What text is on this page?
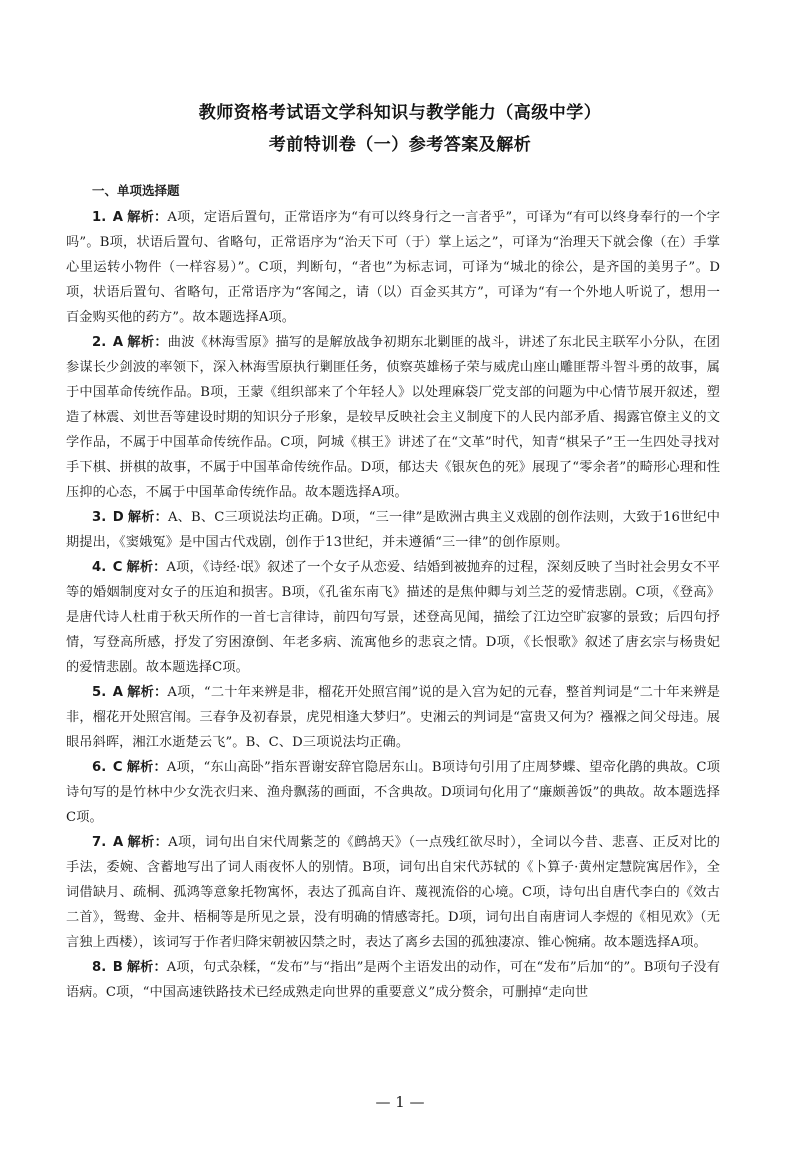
教师资格考试语文学科知识与教学能力（高级中学）
考前特训卷（一）参考答案及解析
一、单项选择题

1. A 解析：A项，定语后置句，正常语序为“有可以终身行之一言者乎”，可译为“有可以终身奉行的一个字吗”。B项，状语后置句、省略句，正常语序为“治天下可（于）掌上运之”，可译为“治理天下就会像（在）手掌心里运转小物件（一样容易）”。C项，判断句，“者也”为标志词，可译为“城北的徐公，是齐国的美男子”。D项，状语后置句、省略句，正常语序为“客闻之，请（以）百金买其方”，可译为“有一个外地人听说了，想用一百金购买他的药方”。故本题选择A项。

2. A 解析：曲波《林海雪原》描写的是解放战争初期东北剿匪的战斗，讲述了东北民主联军小分队，在团参谋长少剑波的率领下，深入林海雪原执行剿匪任务，侦察英雄杨子荣与威虎山座山雕匪帮斗智斗勇的故事，属于中国革命传统作品。B项，王蒙《组织部来了个年轻人》以处理麻袋厂党支部的问题为中心情节展开叙述，塑造了林震、刘世吾等建设时期的知识分子形象，是较早反映社会主义制度下的人民内部矛盾、揭露官僚主义的文学作品，不属于中国革命传统作品。C项，阿城《棋王》讲述了在“文革”时代，知青“棋呆子”王一生四处寻找对手下棋、拼棋的故事，不属于中国革命传统作品。D项，郁达夫《银灰色的死》展现了“零余者”的畸形心理和性压抑的心态，不属于中国革命传统作品。故本题选择A项。

3. D 解析：A、B、C三项说法均正确。D项，“三一律”是欧洲古典主义戏剧的创作法则，大致于16世纪中期提出，《窦娥冤》是中国古代戏剧，创作于13世纪，并未遵循“三一律”的创作原则。

4. C 解析：A项，《诗经·氓》叙述了一个女子从恋爱、结婚到被抛弃的过程，深刻反映了当时社会男女不平等的婚姻制度对女子的压迫和损害。B项，《孔雀东南飞》描述的是焦仲卿与刘兰芝的爱情悲剧。C项，《登高》是唐代诗人杜甫于秋天所作的一首七言律诗，前四句写景，述登高见闻，描绘了江边空旷寂寥的景致；后四句抒情，写登高所感，抒发了穷困潦倒、年老多病、流寓他乡的悲哀之情。D项，《长恨歌》叙述了唐玄宗与杨贵妃的爱情悲剧。故本题选择C项。

5. A 解析：A项，“二十年来辨是非，榴花开处照宫闱”说的是入宫为妃的元春，整首判词是“二十年来辨是非，榴花开处照宫闱。三春争及初春景，虎兕相逢大梦归”。史湘云的判词是“富贵又何为？襁褓之间父母违。展眼吊斜晖，湘江水逝楚云飞”。B、C、D三项说法均正确。

6. C 解析：A项，“东山高卧”指东晋谢安辞官隐居东山。B项诗句引用了庄周梦蝶、望帝化鹃的典故。C项诗句写的是竹林中少女洗衣归来、渔舟飘荡的画面，不含典故。D项词句化用了“廉颇善饭”的典故。故本题选择C项。

7. A 解析：A项，词句出自宋代周紫芝的《鹧鸪天》（一点残红欲尽时），全词以今昔、悲喜、正反对比的手法，委婉、含蓄地写出了词人雨夜怀人的别情。B项，词句出自宋代苏轼的《卜算子·黄州定慧院寓居作》，全词借缺月、疏桐、孤鸿等意象托物寓怀，表达了孤高自许、蔑视流俗的心境。C项，诗句出自唐代李白的《效古二首》，鸳鸯、金井、梧桐等是所见之景，没有明确的情感寄托。D项，词句出自南唐词人李煜的《相见欢》（无言独上西楼），该词写于作者归降宋朝被囚禁之时，表达了离乡去国的孤独凄凉、锥心惋痛。故本题选择A项。

8. B 解析：A项，句式杂糅，“发布”与“指出”是两个主语发出的动作，可在“发布”后加“的”。B项句子没有语病。C项，“中国高速铁路技术已经成熟走向世界的重要意义”成分赘余，可删掉“走向世

— 1 —
